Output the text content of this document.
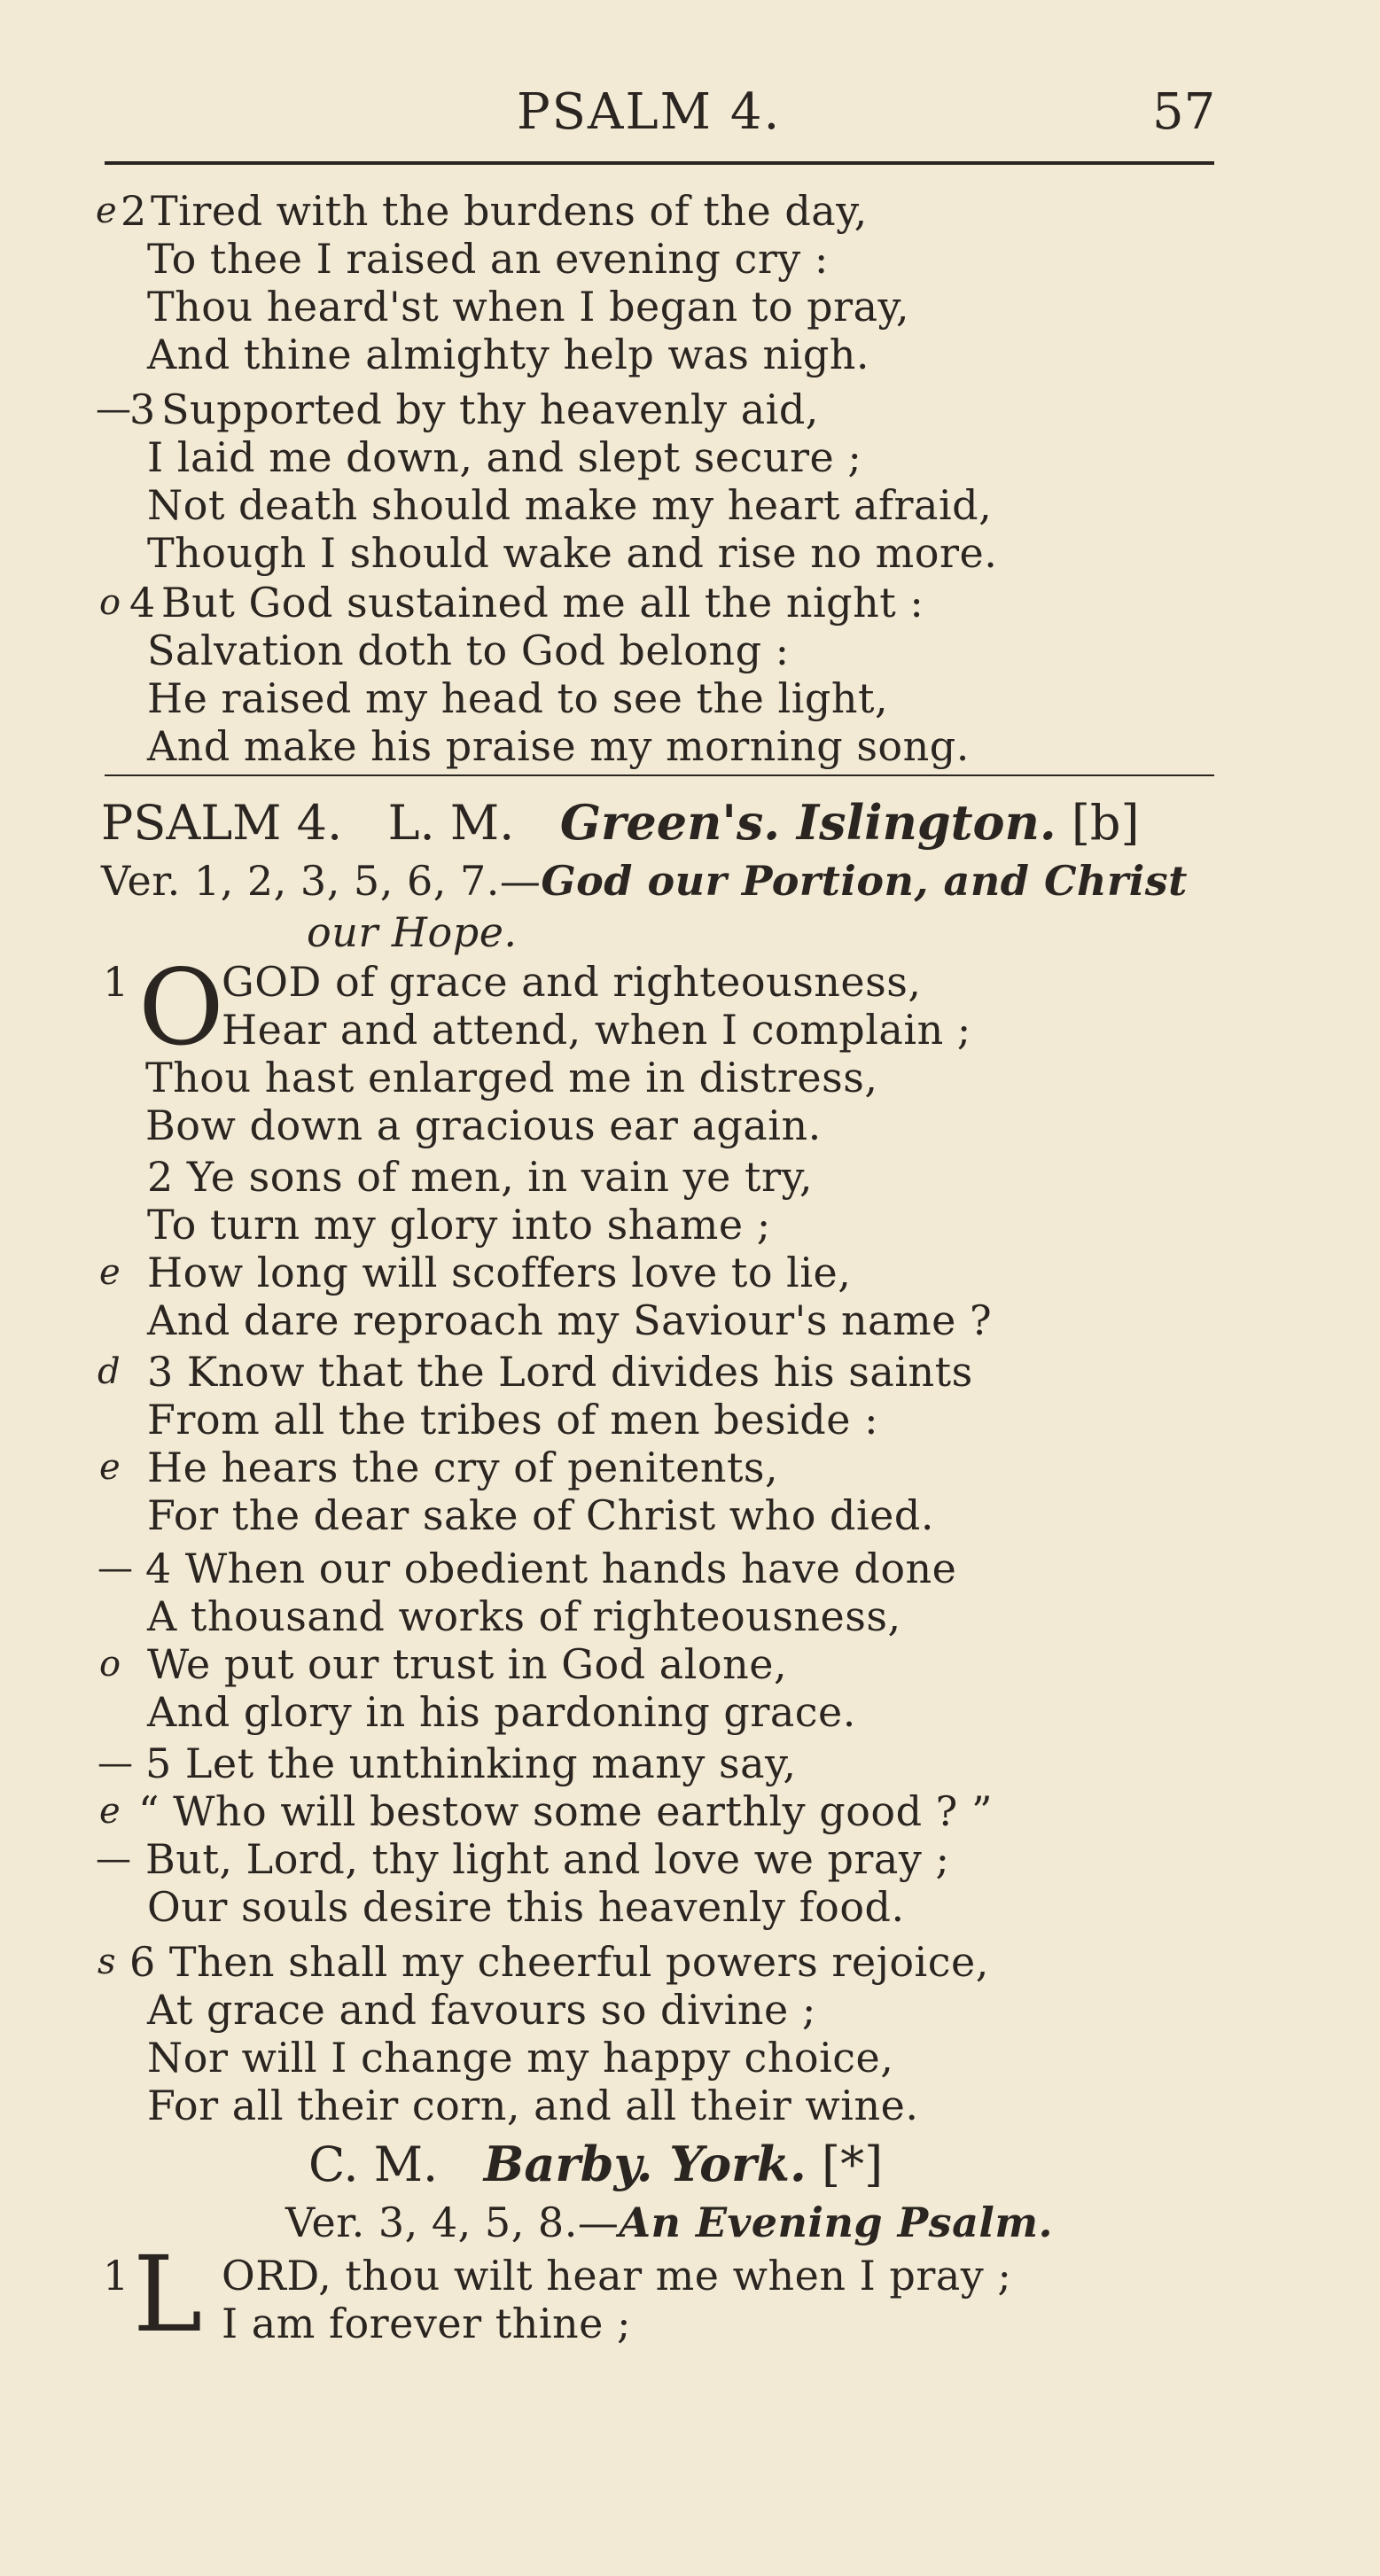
PSALM 4.	57
e 2 Tired with the burdens of the day,
To thee I raised an evening cry :
Thou heard'st when I began to pray,
And thine almighty help was nigh.
—
3 Supported by thy heavenly aid,
I laid me down, and slept secure ;
Not death should make my heart afraid,
Though I should wake and rise no more.
o 4 But God sustained me all the night :
Salvation doth to God belong :
He raised my head to see the light,
And make his praise my morning song.
PSALM 4. L. M. Green's. Islington. [b]
Ver. 1, 2, 3, 5, 6, 7.—God our Portion, and Christ
our Hope.
1 O
GOD of grace and righteousness,
Hear and attend, when I complain ;
Thou hast enlarged me in distress,
Bow down a gracious ear again.
2 Ye sons of men, in vain ye try,
To turn my glory into shame ;
e How long will scoffers love to lie,
And dare reproach my Saviour's name ?
d 3 Know that the Lord divides his saints
From all the tribes of men beside :
e He hears the cry of penitents,
For the dear sake of Christ who died.
— 4 When our obedient hands have done
A thousand works of righteousness,
o We put our trust in God alone,
And glory in his pardoning grace.
— 5 Let the unthinking many say,
e “ Who will bestow some earthly good ? ”
— But, Lord, thy light and love we pray ;
Our souls desire this heavenly food.
s 6 Then shall my cheerful powers rejoice,
At grace and favours so divine ;
Nor will I change my happy choice,
For all their corn, and all their wine.
C. M. Barby. York. [*]
Ver. 3, 4, 5, 8.—An Evening Psalm.
1 L ORD, thou wilt hear me when I pray ;
I am forever thine ;
